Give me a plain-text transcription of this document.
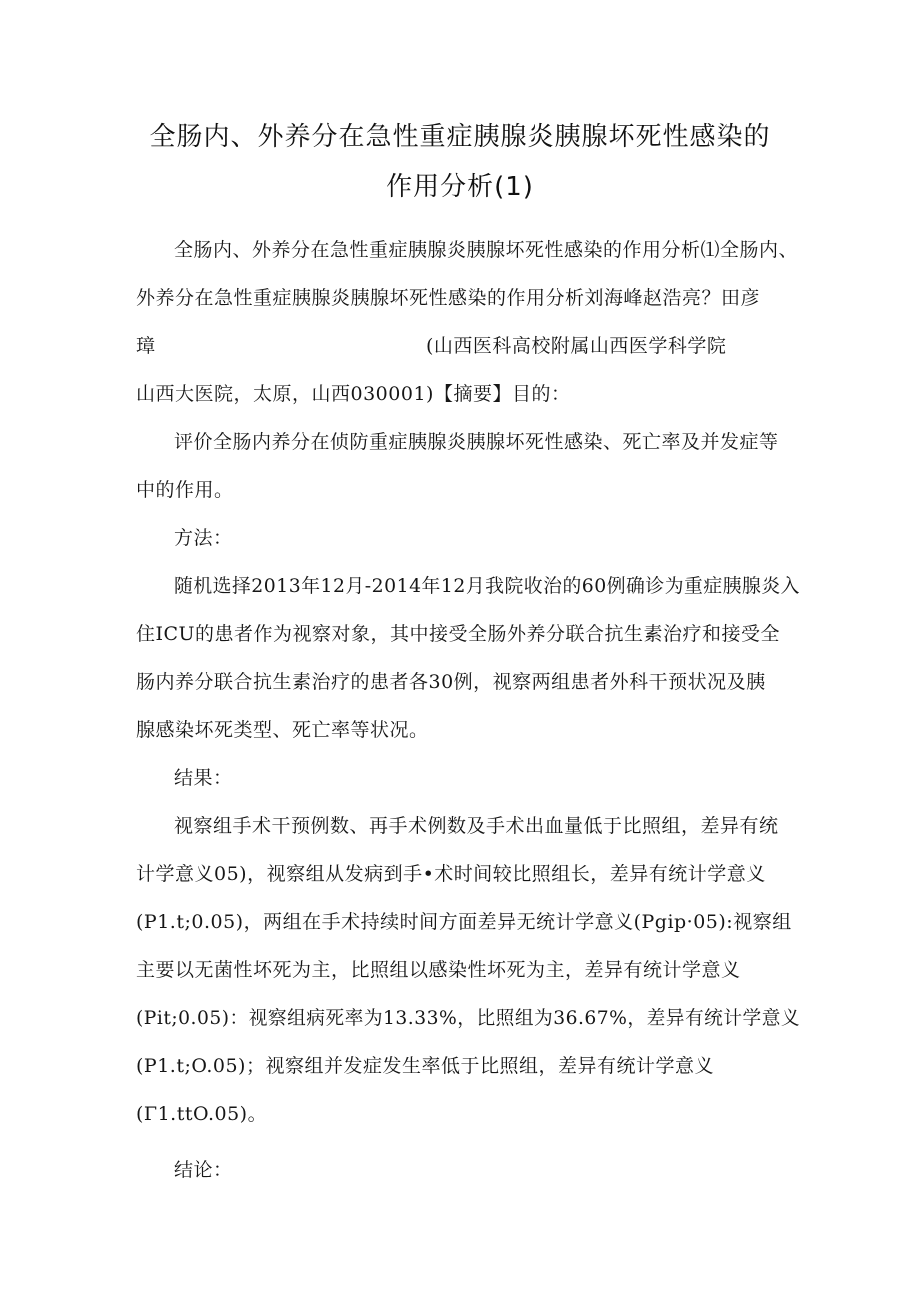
全肠内、外养分在急性重症胰腺炎胰腺坏死性感染的
作用分析(1)
全肠内、外养分在急性重症胰腺炎胰腺坏死性感染的作用分析⑴全肠内、
外养分在急性重症胰腺炎胰腺坏死性感染的作用分析刘海峰赵浩亮？田彦
璋	(山西医科高校附属山西医学科学院
山西大医院，太原，山西030001)【摘要】目的：
评价全肠内养分在侦防重症胰腺炎胰腺坏死性感染、死亡率及并发症等
中的作用。
方法：
随机选择2013年12月-2014年12月我院收治的60例确诊为重症胰腺炎入
住ICU的患者作为视察对象，其中接受全肠外养分联合抗生素治疗和接受全
肠内养分联合抗生素治疗的患者各30例，视察两组患者外科干预状况及胰
腺感染坏死类型、死亡率等状况。
结果：
视察组手术干预例数、再手术例数及手术出血量低于比照组，差异有统
计学意义05)，视察组从发病到手•术时间较比照组长，差异有统计学意义
(P1.t;0.05)，两组在手术持续时间方面差异无统计学意义(Pgip·05):视察组
主要以无菌性坏死为主，比照组以感染性坏死为主，差异有统计学意义
(Pit;0.05)：视察组病死率为13.33%，比照组为36.67%，差异有统计学意义
(P1.t;O.05)；视察组并发症发生率低于比照组，差异有统计学意义
(Γ1.ttO.05)。
结论：
